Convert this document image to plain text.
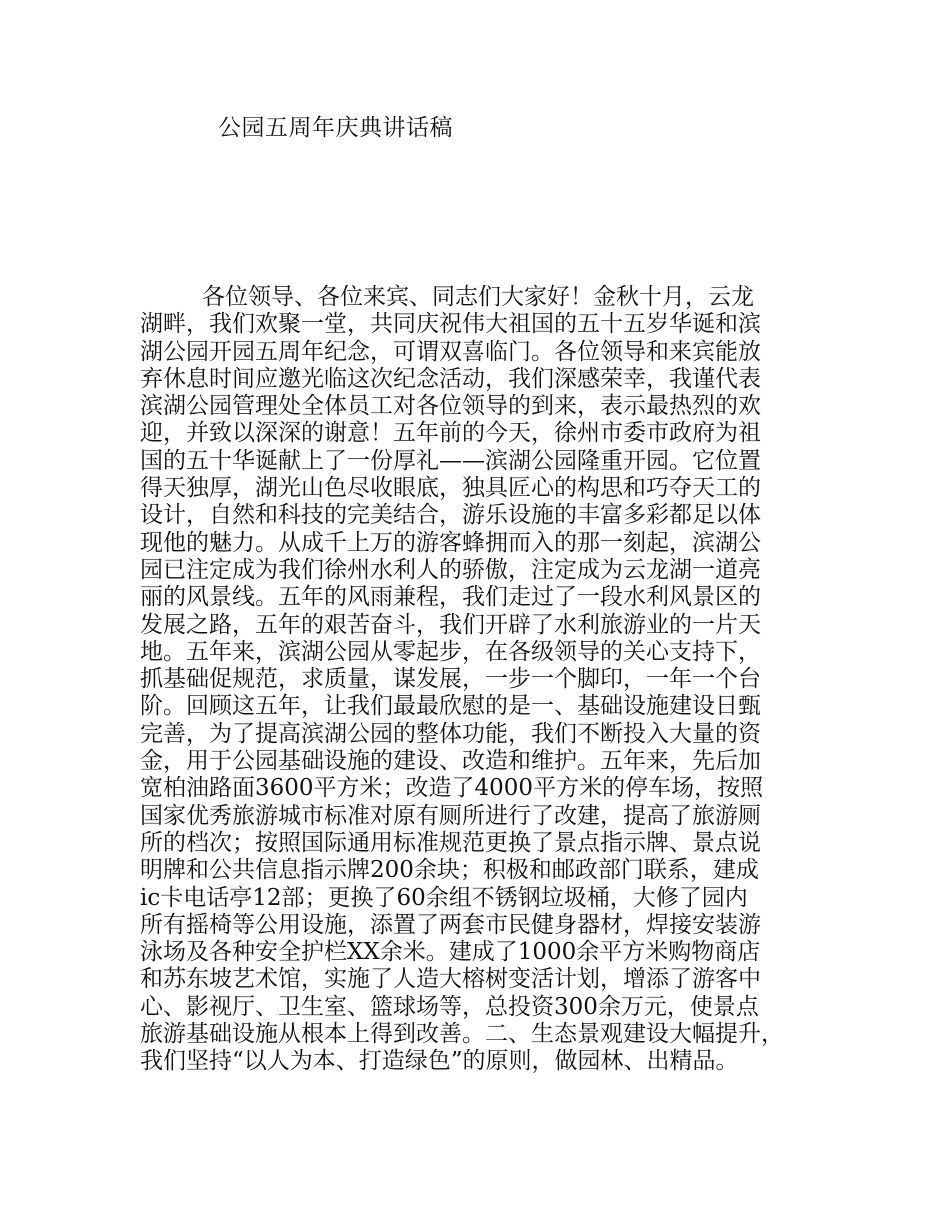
公园五周年庆典讲话稿
各位领导、各位来宾、同志们大家好！金秋十月，云龙
湖畔，我们欢聚一堂，共同庆祝伟大祖国的五十五岁华诞和滨
湖公园开园五周年纪念，可谓双喜临门。各位领导和来宾能放
弃休息时间应邀光临这次纪念活动，我们深感荣幸，我谨代表
滨湖公园管理处全体员工对各位领导的到来，表示最热烈的欢
迎，并致以深深的谢意！五年前的今天，徐州市委市政府为祖
国的五十华诞献上了一份厚礼——滨湖公园隆重开园。它位置
得天独厚，湖光山色尽收眼底，独具匠心的构思和巧夺天工的
设计，自然和科技的完美结合，游乐设施的丰富多彩都足以体
现他的魅力。从成千上万的游客蜂拥而入的那一刻起，滨湖公
园已注定成为我们徐州水利人的骄傲，注定成为云龙湖一道亮
丽的风景线。五年的风雨兼程，我们走过了一段水利风景区的
发展之路，五年的艰苦奋斗，我们开辟了水利旅游业的一片天
地。五年来，滨湖公园从零起步，在各级领导的关心支持下，
抓基础促规范，求质量，谋发展，一步一个脚印，一年一个台
阶。回顾这五年，让我们最最欣慰的是一、基础设施建设日甄
完善，为了提高滨湖公园的整体功能，我们不断投入大量的资
金，用于公园基础设施的建设、改造和维护。五年来，先后加
宽柏油路面3600平方米；改造了4000平方米的停车场，按照
国家优秀旅游城市标准对原有厕所进行了改建，提高了旅游厕
所的档次；按照国际通用标准规范更换了景点指示牌、景点说
明牌和公共信息指示牌200余块；积极和邮政部门联系，建成
ic卡电话亭12部；更换了60余组不锈钢垃圾桶，大修了园内
所有摇椅等公用设施，添置了两套市民健身器材，焊接安装游
泳场及各种安全护栏XX余米。建成了1000余平方米购物商店
和苏东坡艺术馆，实施了人造大榕树变活计划，增添了游客中
心、影视厅、卫生室、篮球场等，总投资300余万元，使景点
旅游基础设施从根本上得到改善。二、生态景观建设大幅提升，
我们坚持“以人为本、打造绿色”的原则，做园林、出精品。
